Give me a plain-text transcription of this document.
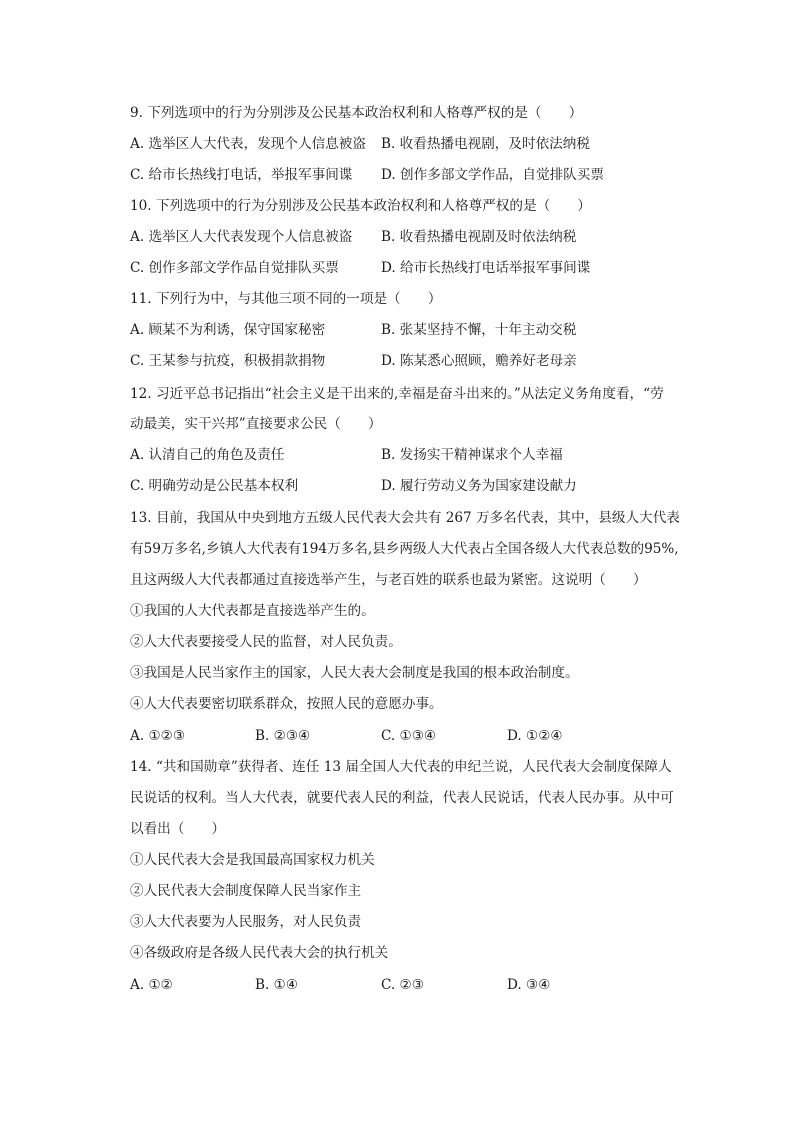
9. 下列选项中的行为分别涉及公民基本政治权利和人格尊严权的是（　　）
A. 选举区人大代表，发现个人信息被盗 B. 收看热播电视剧，及时依法纳税
C. 给市长热线打电话，举报军事间谍 D. 创作多部文学作品，自觉排队买票
10. 下列选项中的行为分别涉及公民基本政治权利和人格尊严权的是（　　）
A. 选举区人大代表发现个人信息被盗 B. 收看热播电视剧及时依法纳税
C. 创作多部文学作品自觉排队买票	D. 给市长热线打电话举报军事间谍
11. 下列行为中，与其他三项不同的一项是（　　）
A. 顾某不为利诱，保守国家秘密	B. 张某坚持不懈，十年主动交税
C. 王某参与抗疫，积极捐款捐物	D. 陈某悉心照顾，赡养好老母亲
12. 习近平总书记指出“社会主义是干出来的,幸福是奋斗出来的。”从法定义务角度看，“劳
动最美，实干兴邦”直接要求公民（　　）
A. 认清自己的角色及责任	B. 发扬实干精神谋求个人幸福
C. 明确劳动是公民基本权利	D. 履行劳动义务为国家建设献力
13. 目前，我国从中央到地方五级人民代表大会共有 267 万多名代表，其中，县级人大代表
有59万多名,乡镇人大代表有194万多名,县乡两级人大代表占全国各级人大代表总数的95%,
且这两级人大代表都通过直接选举产生，与老百姓的联系也最为紧密。这说明（　　）
①我国的人大代表都是直接选举产生的。
②人大代表要接受人民的监督，对人民负责。
③我国是人民当家作主的国家，人民大表大会制度是我国的根本政治制度。
④人大代表要密切联系群众，按照人民的意愿办事。
A. ①②③	B. ②③④	C. ①③④	D. ①②④
14. “共和国勋章”获得者、连任 13 届全国人大代表的申纪兰说，人民代表大会制度保障人
民说话的权利。当人大代表，就要代表人民的利益，代表人民说话，代表人民办事。从中可
以看出（　　）
①人民代表大会是我国最高国家权力机关
②人民代表大会制度保障人民当家作主
③人大代表要为人民服务，对人民负责
④各级政府是各级人民代表大会的执行机关
A. ①②	B. ①④	C. ②③	D. ③④
